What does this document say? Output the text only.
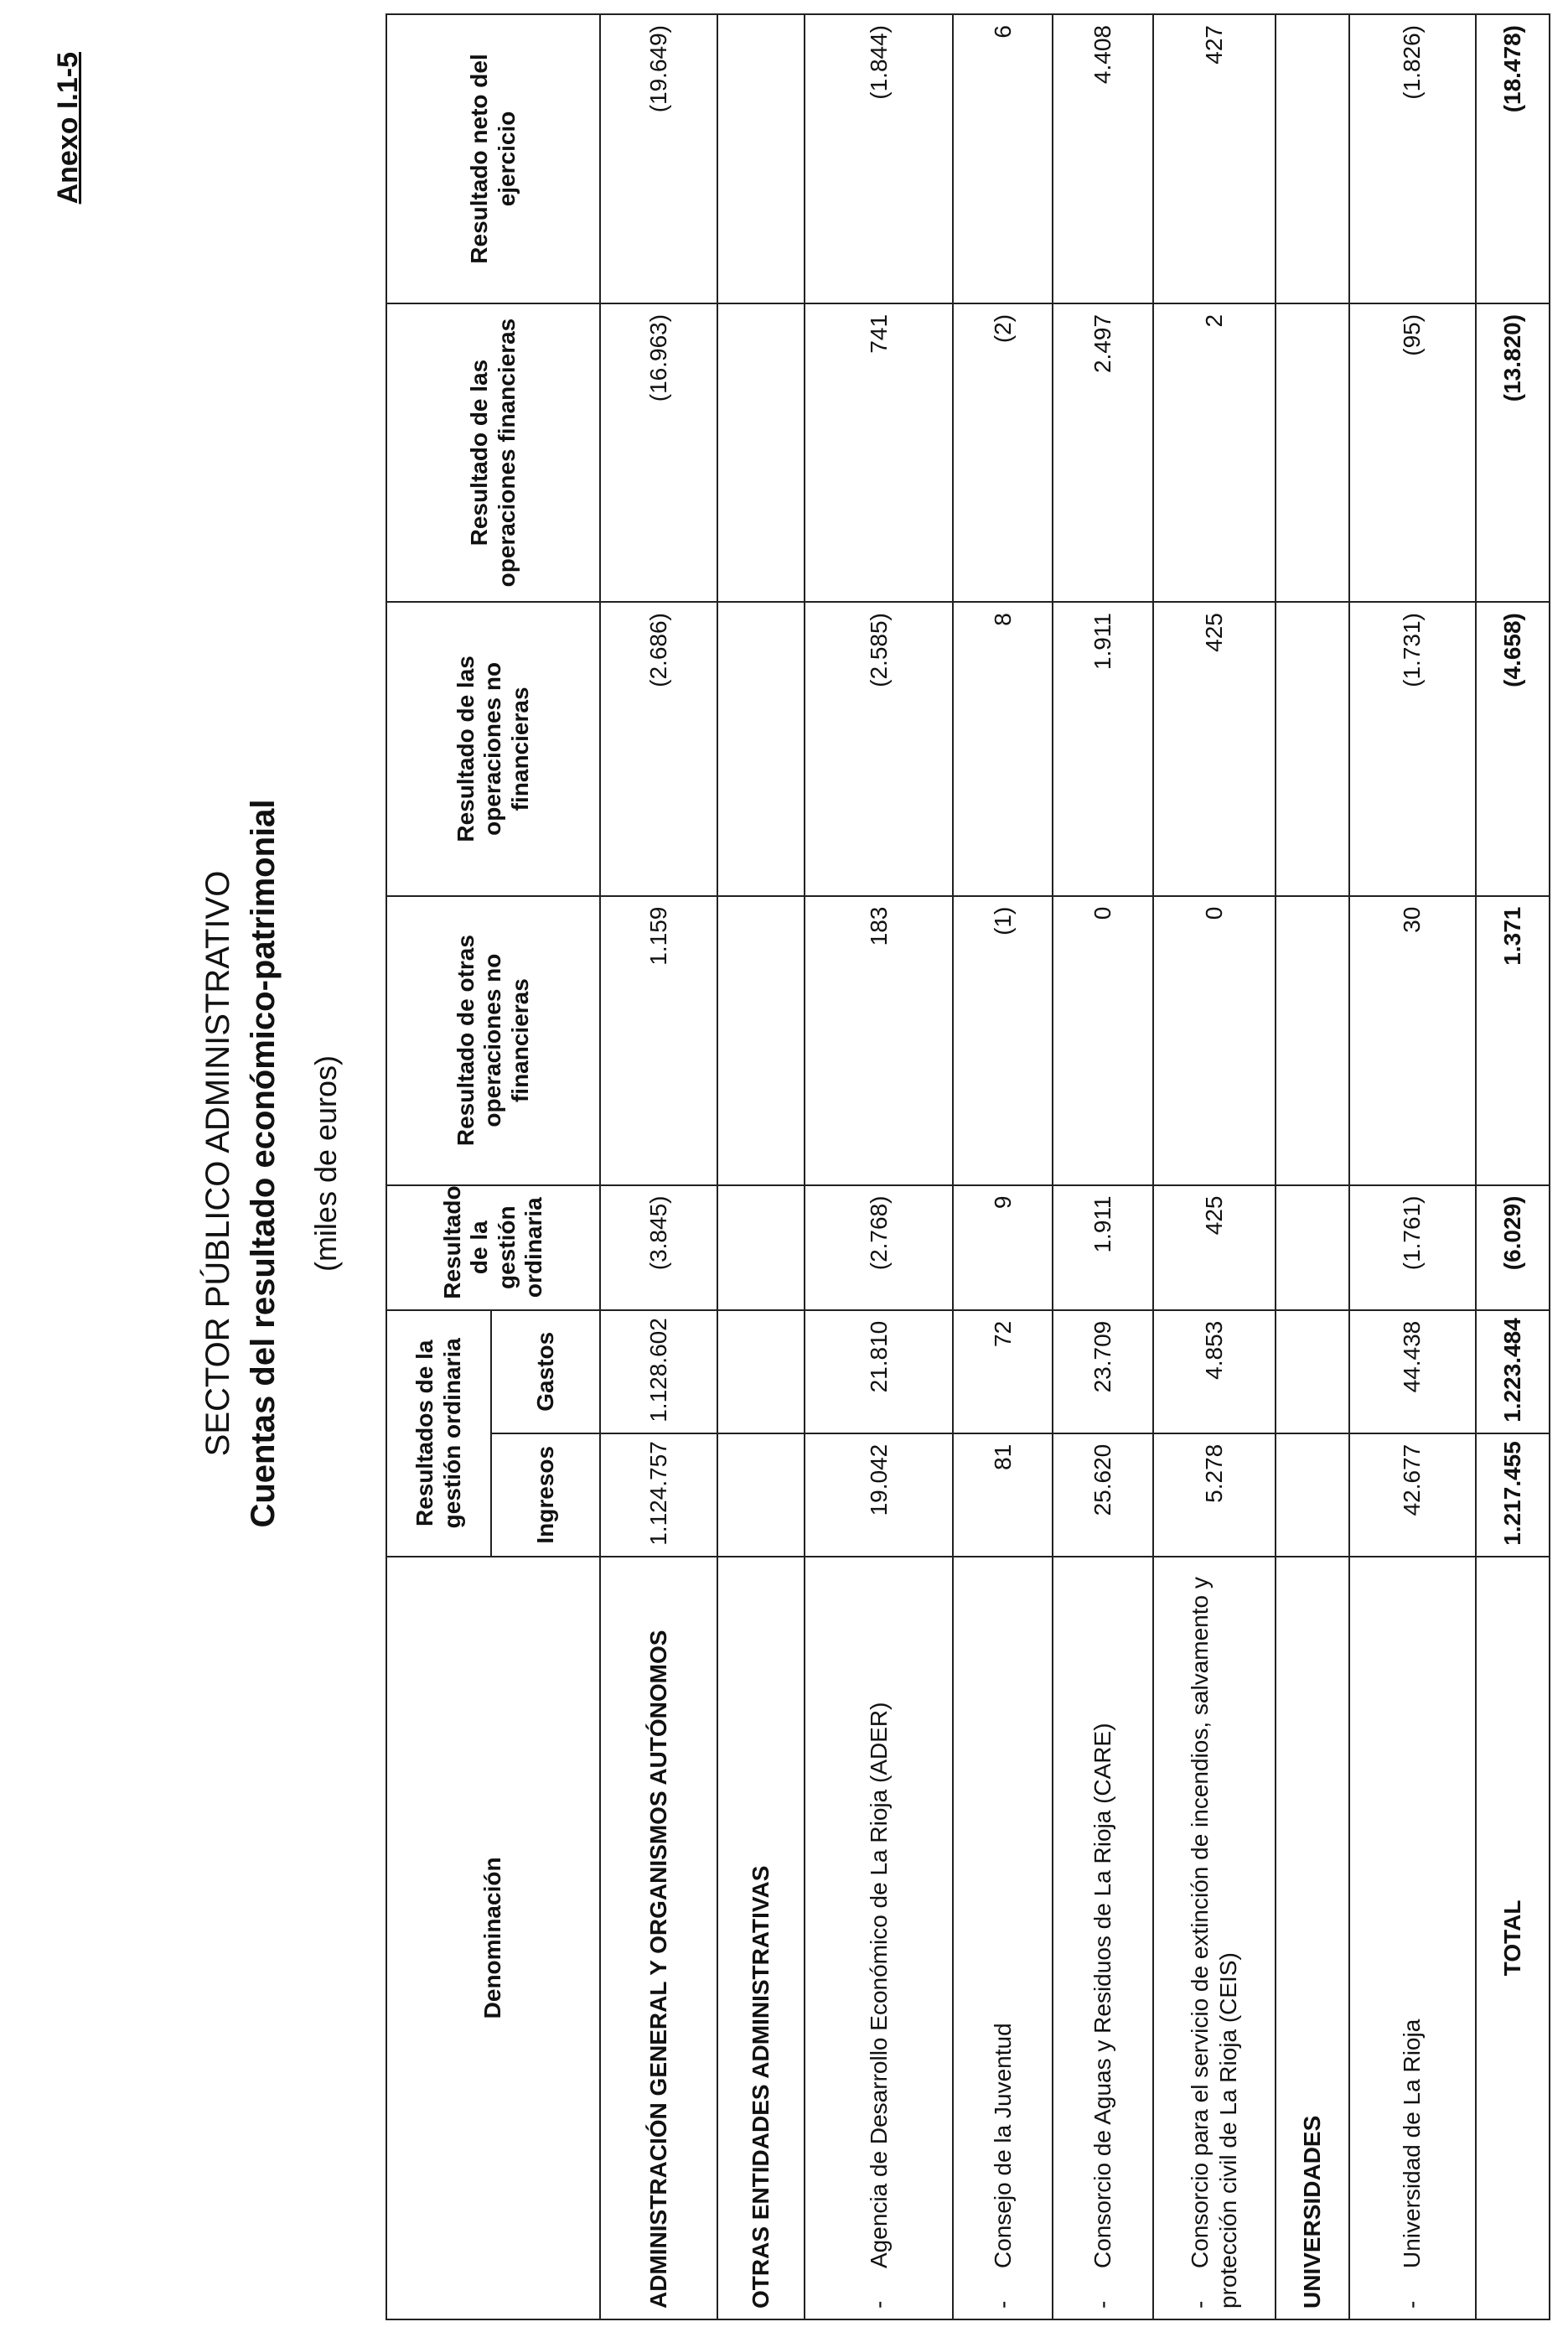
Anexo I.1-5
SECTOR PÚBLICO ADMINISTRATIVO Cuentas del resultado económico-patrimonial (miles de euros)
Denominación	Resultados de la gestión ordinaria		Resultado de la gestión ordinaria	Resultado de otras operaciones no financieras	Resultado de las operaciones no financieras	Resultado de las operaciones financieras	Resultado neto del ejercicio
	Ingresos	Gastos					
ADMINISTRACIÓN GENERAL Y ORGANISMOS AUTÓNOMOS	1.124.757	1.128.602	(3.845)	1.159	(2.686)	(16.963)	(19.649)
OTRAS ENTIDADES ADMINISTRATIVAS							
-Agencia de Desarrollo Económico de La Rioja (ADER)	19.042	21.810	(2.768)	183	(2.585)	741	(1.844)
-Consejo de la Juventud	81	72	9	(1)	8	(2)	6
-Consorcio de Aguas y Residuos de La Rioja (CARE)	25.620	23.709	1.911	0	1.911	2.497	4.408
-Consorcio para el servicio de extinción de incendios, salvamento y protección civil de La Rioja (CEIS)	5.278	4.853	425	0	425	2	427
UNIVERSIDADES							
-Universidad de La Rioja	42.677	44.438	(1.761)	30	(1.731)	(95)	(1.826)
TOTAL	1.217.455	1.223.484	(6.029)	1.371	(4.658)	(13.820)	(18.478)
